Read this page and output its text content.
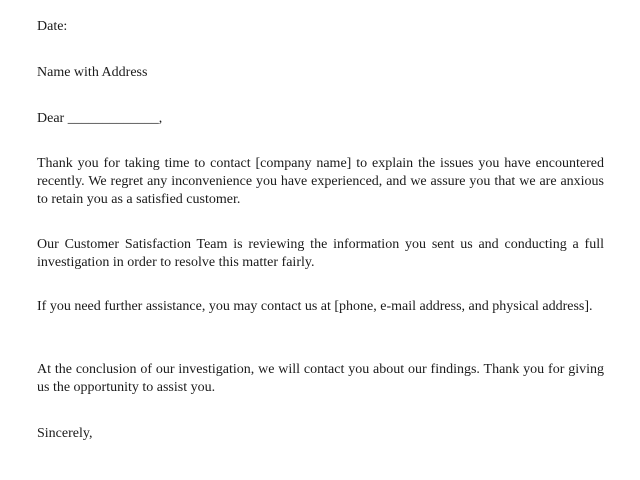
Date:

Name with Address

Dear _____________,

Thank you for taking time to contact [company name] to explain the issues you have encountered recently. We regret any inconvenience you have experienced, and we assure you that we are anxious to retain you as a satisfied customer.

Our Customer Satisfaction Team is reviewing the information you sent us and conducting a full investigation in order to resolve this matter fairly.

If you need further assistance, you may contact us at [phone, e-mail address, and physical address].

At the conclusion of our investigation, we will contact you about our findings. Thank you for giving us the opportunity to assist you.

Sincerely,
